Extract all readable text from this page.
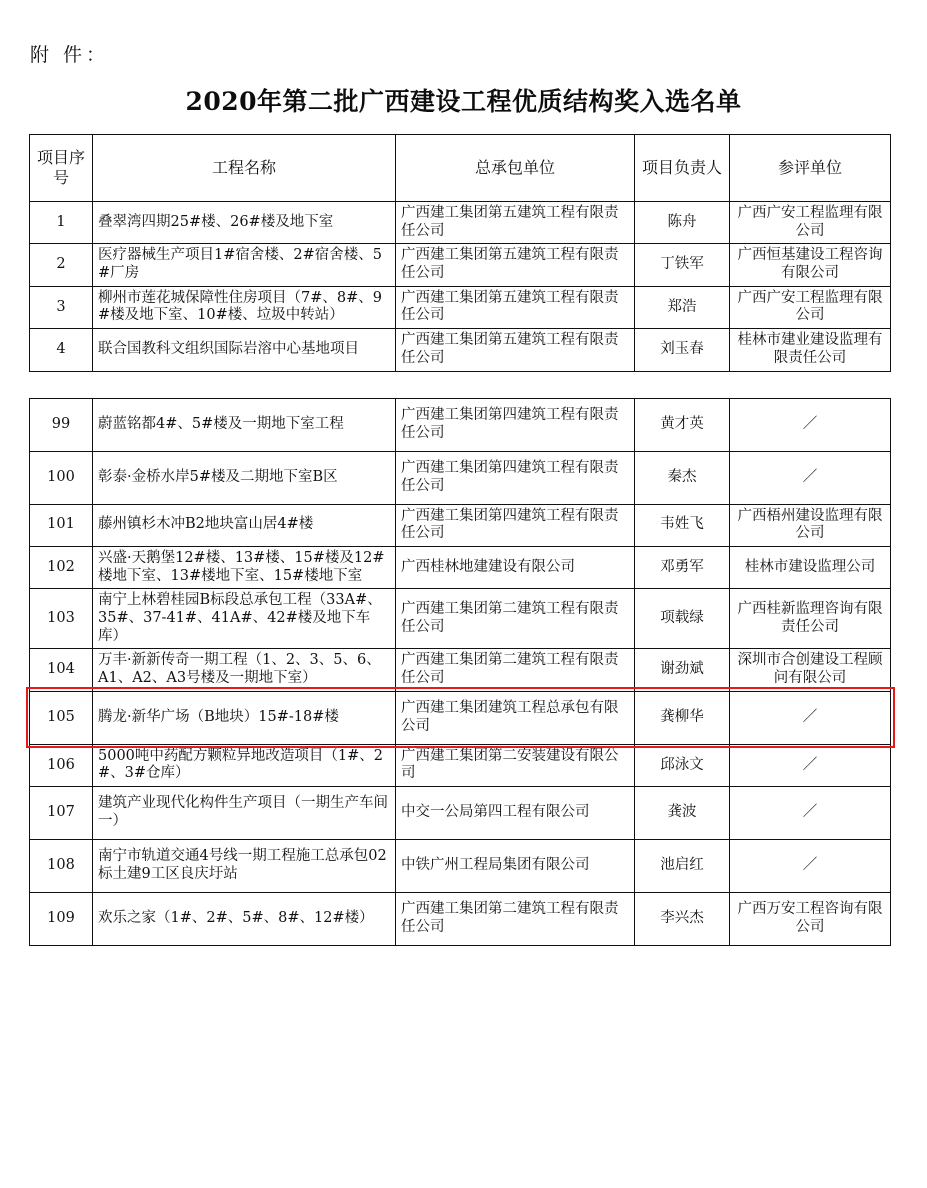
附 件：
2020年第二批广西建设工程优质结构奖入选名单
项目序号	工程名称	总承包单位	项目负责人	参评单位
1	叠翠湾四期25#楼、26#楼及地下室	广西建工集团第五建筑工程有限责任公司	陈舟	广西广安工程监理有限公司
2	医疗器械生产项目1#宿舍楼、2#宿舍楼、5#厂房	广西建工集团第五建筑工程有限责任公司	丁铁军	广西恒基建设工程咨询有限公司
3	柳州市莲花城保障性住房项目（7#、8#、9#楼及地下室、10#楼、垃圾中转站）	广西建工集团第五建筑工程有限责任公司	郑浩	广西广安工程监理有限公司
4	联合国教科文组织国际岩溶中心基地项目	广西建工集团第五建筑工程有限责任公司	刘玉春	桂林市建业建设监理有限责任公司
99	蔚蓝铭都4#、5#楼及一期地下室工程	广西建工集团第四建筑工程有限责任公司	黄才英	／
100	彰泰·金桥水岸5#楼及二期地下室B区	广西建工集团第四建筑工程有限责任公司	秦杰	／
101	藤州镇杉木冲B2地块富山居4#楼	广西建工集团第四建筑工程有限责任公司	韦姓飞	广西梧州建设监理有限公司
102	兴盛·天鹅堡12#楼、13#楼、15#楼及12#楼地下室、13#楼地下室、15#楼地下室	广西桂林地建建设有限公司	邓勇军	桂林市建设监理公司
103	南宁上林碧桂园B标段总承包工程（33A#、35#、37-41#、41A#、42#楼及地下车库）	广西建工集团第二建筑工程有限责任公司	项载绿	广西桂新监理咨询有限责任公司
104	万丰·新新传奇一期工程（1、2、3、5、6、A1、A2、A3号楼及一期地下室）	广西建工集团第二建筑工程有限责任公司	谢劲斌	深圳市合创建设工程顾问有限公司
105	腾龙·新华广场（B地块）15#-18#楼	广西建工集团建筑工程总承包有限公司	龚柳华	／
106	5000吨中药配方颗粒异地改造项目（1#、2#、3#仓库）	广西建工集团第二安装建设有限公司	邱泳文	／
107	建筑产业现代化构件生产项目（一期生产车间一）	中交一公局第四工程有限公司	龚波	／
108	南宁市轨道交通4号线一期工程施工总承包02标土建9工区良庆圩站	中铁广州工程局集团有限公司	池启红	／
109	欢乐之家（1#、2#、5#、8#、12#楼）	广西建工集团第二建筑工程有限责任公司	李兴杰	广西万安工程咨询有限公司
